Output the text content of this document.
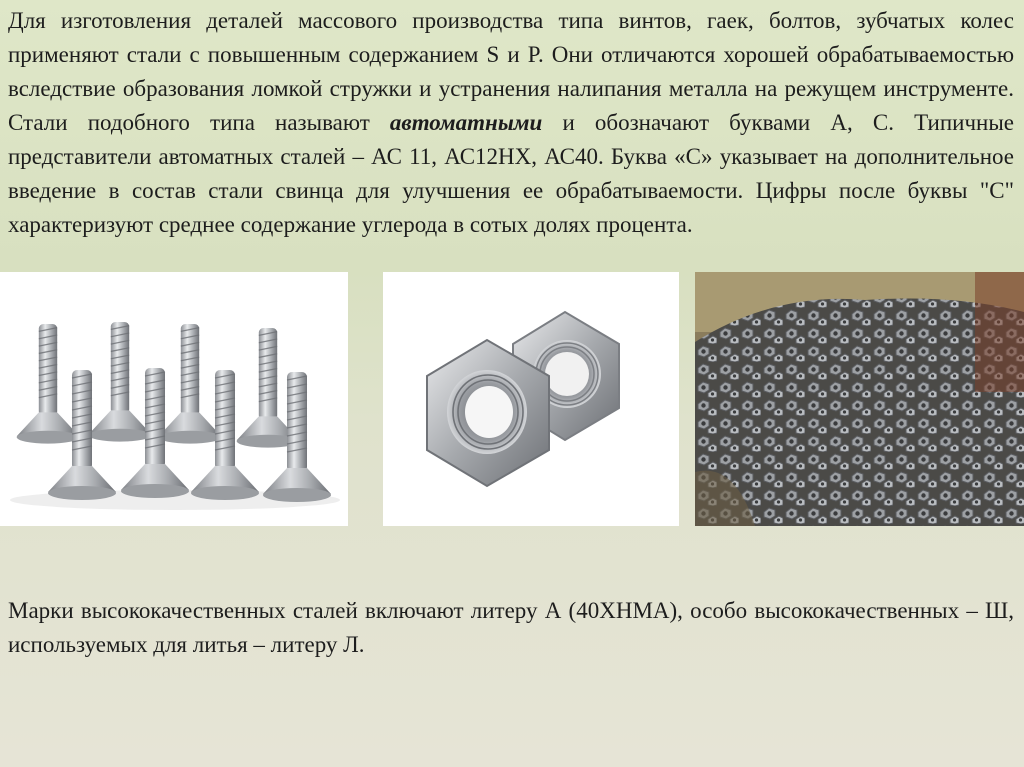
Для изготовления деталей массового производства типа винтов, гаек, болтов, зубчатых колес применяют стали с повышенным содержанием S и P. Они отличаются хорошей обрабатываемостью вследствие образования ломкой стружки и устранения налипания металла на режущем инструменте. Стали подобного типа называют автоматными и обозначают буквами А, С. Типичные представители автоматных сталей – АС 11, АС12НХ, АС40. Буква «С» указывает на дополнительное введение в состав стали свинца для улучшения ее обрабатываемости. Цифры после буквы "С" характеризуют среднее содержание углерода в сотых долях процента.

Марки высококачественных сталей включают литеру А (40ХНМА), особо высококачественных – Ш, используемых для литья – литеру Л.
